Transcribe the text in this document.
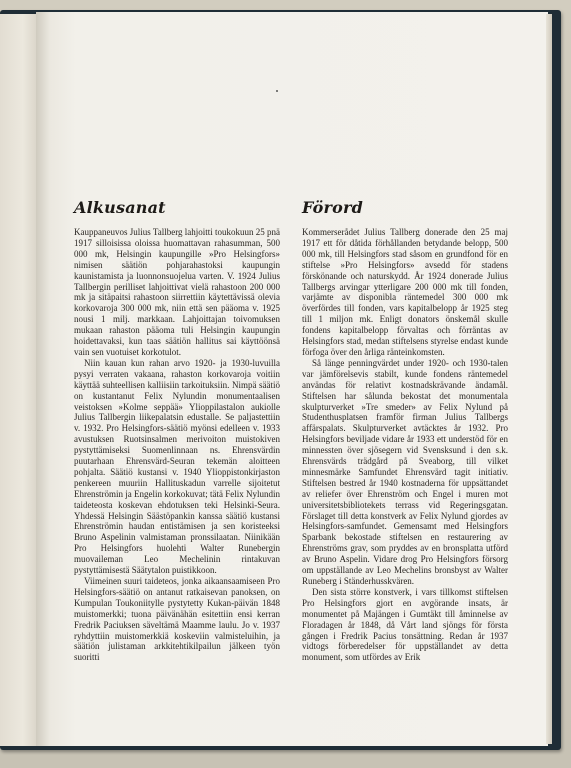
Alkusanat

Kauppaneuvos Julius Tallberg lahjoitti toukokuun 25 pnä 1917 silloisissa oloissa huomattavan rahasumman, 500 000 mk, Helsingin kaupungille »Pro Helsingfors» nimisen säätiön pohjarahastoksi kaupungin kaunistamista ja luonnonsuojelua varten. V. 1924 Julius Tallbergin perilliset lahjoittivat vielä rahastoon 200 000 mk ja sitäpaitsi rahastoon siirrettiin käytettävissä olevia korkovaroja 300 000 mk, niin että sen pääoma v. 1925 nousi 1 milj. markkaan. Lahjoittajan toivomuksen mukaan rahaston pääoma tuli Helsingin kaupungin hoidettavaksi, kun taas säätiön hallitus sai käyttöönsä vain sen vuotuiset korkotulot.

Niin kauan kun rahan arvo 1920- ja 1930-luvuilla pysyi verraten vakaana, rahaston korkovaroja voitiin käyttää suhteellisen kalliisiin tarkoituksiin. Nimpä säätiö on kustantanut Felix Nylundin monumentaalisen veistoksen »Kolme seppää» Ylioppilastalon aukiolle Julius Tallbergin liikepalatsin edustalle. Se paljastettiin v. 1932. Pro Helsingfors-säätiö myönsi edelleen v. 1933 avustuksen Ruotsinsalmen merivoiton muistokiven pystyttämiseksi Suomenlinnaan ns. Ehrensvärdin puutarhaan Ehrensvärd-Seuran tekemän aloitteen pohjalta. Säätiö kustansi v. 1940 Ylioppistonkirjaston penkereen muuriin Hallituskadun varrelle sijoitetut Ehrenströmin ja Engelin korkokuvat; tätä Felix Nylundin taideteosta koskevan ehdotuksen teki Helsinki-Seura. Yhdessä Helsingin Säästöpankin kanssa säätiö kustansi Ehrenströmin haudan entistämisen ja sen koristeeksi Bruno Aspelinin valmistaman pronssilaatan. Niinikään Pro Helsingfors huolehti Walter Runebergin muovaileman Leo Mechelinin rintakuvan pystyttämisestä Säätytalon puistikkoon.

Viimeinen suuri taideteos, jonka aikaansaamiseen Pro Helsingfors-säätiö on antanut ratkaisevan panoksen, on Kumpulan Toukoniityllе pystytetty Kukan-päivän 1848 muistomerkki; tuona päivänähän esitettiin ensi kerran Fredrik Paciuksen säveltämä Maamme laulu. Jo v. 1937 ryhdyttiin muistomerkkiä koskeviin valmisteluihin, ja säätiön julistaman arkkitehtikilpailun jälkeen työn suoritti

Förord

Kommerserådet Julius Tallberg donerade den 25 maj 1917 ett för dåtida förhållanden betydande belopp, 500 000 mk, till Helsingfors stad såsom en grundfond för en stiftelse »Pro Helsingfors» avsedd för stadens förskönande och naturskydd. År 1924 donerade Julius Tallbergs arvingar ytterligare 200 000 mk till fonden, varjämte av disponibla räntemedel 300 000 mk överfördes till fonden, vars kapitalbelopp år 1925 steg till 1 miljon mk. Enligt donators önskemål skulle fondens kapitalbelopp förvaltas och förräntas av Helsingfors stad, medan stiftelsens styrelse endast kunde förfoga över den årliga ränteinkomsten.

Så länge penningvärdet under 1920- och 1930-talen var jämförelsevis stabilt, kunde fondens räntemedel användas för relativt kostnadskrävande ändamål. Stiftelsen har sålunda bekostat det monumentala skulpturverket »Tre smeder» av Felix Nylund på Studenthusplatsen framför firman Julius Tallbergs affärspalats. Skulpturverket avtäcktes år 1932. Pro Helsingfors beviljade vidare år 1933 ett understöd för en minnessten över sjösegern vid Svensksund i den s.k. Ehrensvärds trädgård på Sveaborg, till vilket minnesmärke Samfundet Ehrensvärd tagit initiativ. Stiftelsen bestred år 1940 kostnaderna för uppsättandet av reliefer över Ehrenström och Engel i muren mot universitetsbibliotekets terrass vid Regeringsgatan. Förslaget till detta konstverk av Felix Nylund gjordes av Helsingfors-samfundet. Gemensamt med Helsingfors Sparbank bekostade stiftelsen en restaurering av Ehrenströms grav, som pryddes av en bronsplatta utförd av Bruno Aspelin. Vidare drog Pro Helsingfors försorg om uppställande av Leo Mechelins bronsbyst av Walter Runeberg i Ständerhusskvären.

Den sista större konstverk, i vars tillkomst stiftelsen Pro Helsingfors gjort en avgörande insats, är monumentet på Majängen i Gumtäkt till åminnelse av Floradagen år 1848, då Vårt land sjöngs för första gången i Fredrik Pacius tonsättning. Redan år 1937 vidtogs förberedelser för uppställandet av detta monument, som utfördes av Erik
